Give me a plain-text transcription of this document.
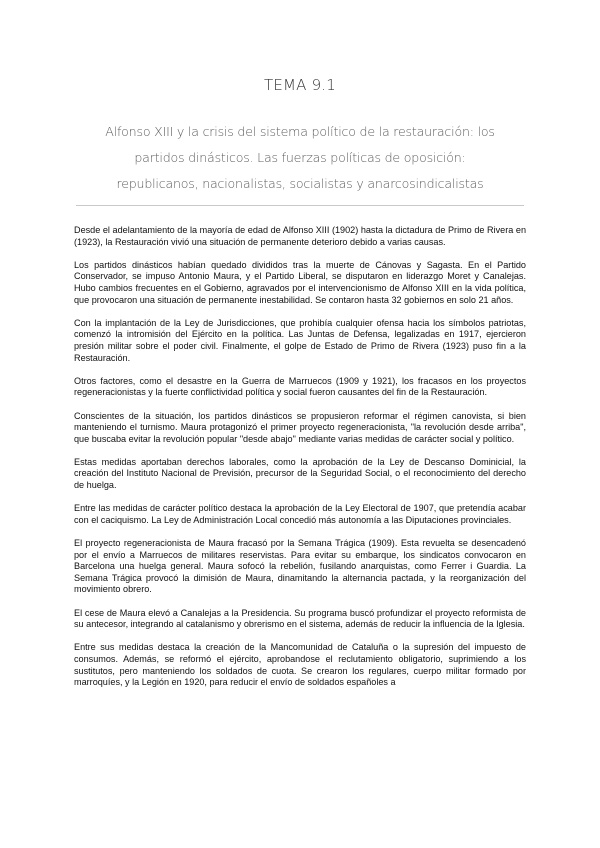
TEMA 9.1
Alfonso XIII y la crisis del sistema político de la restauración: los partidos dinásticos. Las fuerzas políticas de oposición: republicanos, nacionalistas, socialistas y anarcosindicalistas

Desde el adelantamiento de la mayoría de edad de Alfonso XIII (1902) hasta la dictadura de Primo de Rivera en (1923), la Restauración vivió una situación de permanente deterioro debido a varias causas.

Los partidos dinásticos habían quedado divididos tras la muerte de Cánovas y Sagasta. En el Partido Conservador, se impuso Antonio Maura, y el Partido Liberal, se disputaron en liderazgo Moret y Canalejas. Hubo cambios frecuentes en el Gobierno, agravados por el intervencionismo de Alfonso XIII en la vida política, que provocaron una situación de permanente inestabilidad. Se contaron hasta 32 gobiernos en solo 21 años.

Con la implantación de la Ley de Jurisdicciones, que prohibía cualquier ofensa hacia los símbolos patriotas, comenzó la intromisión del Ejército en la política. Las Juntas de Defensa, legalizadas en 1917, ejercieron presión militar sobre el poder civil. Finalmente, el golpe de Estado de Primo de Rivera (1923) puso fin a la Restauración.

Otros factores, como el desastre en la Guerra de Marruecos (1909 y 1921), los fracasos en los proyectos regeneracionistas y la fuerte conflictividad política y social fueron causantes del fin de la Restauración.

Conscientes de la situación, los partidos dinásticos se propusieron reformar el régimen canovista, si bien manteniendo el turnismo. Maura protagonizó el primer proyecto regeneracionista, "la revolución desde arriba", que buscaba evitar la revolución popular "desde abajo" mediante varias medidas de carácter social y político.

Estas medidas aportaban derechos laborales, como la aprobación de la Ley de Descanso Dominicial, la creación del Instituto Nacional de Previsión, precursor de la Seguridad Social, o el reconocimiento del derecho de huelga.

Entre las medidas de carácter político destaca la aprobación de la Ley Electoral de 1907, que pretendía acabar con el caciquismo. La Ley de Administración Local concedió más autonomía a las Diputaciones provinciales.

El proyecto regeneracionista de Maura fracasó por la Semana Trágica (1909). Esta revuelta se desencadenó por el envío a Marruecos de militares reservistas. Para evitar su embarque, los sindicatos convocaron en Barcelona una huelga general. Maura sofocó la rebelión, fusilando anarquistas, como Ferrer i Guardia. La Semana Trágica provocó la dimisión de Maura, dinamitando la alternancia pactada, y la reorganización del movimiento obrero.

El cese de Maura elevó a Canalejas a la Presidencia. Su programa buscó profundizar el proyecto reformista de su antecesor, integrando al catalanismo y obrerismo en el sistema, además de reducir la influencia de la Iglesia.

Entre sus medidas destaca la creación de la Mancomunidad de Cataluña o la supresión del impuesto de consumos. Además, se reformó el ejército, aprobandose el reclutamiento obligatorio, suprimiendo a los sustitutos, pero manteniendo los soldados de cuota. Se crearon los regulares, cuerpo militar formado por marroquíes, y la Legión en 1920, para reducir el envío de soldados españoles a
